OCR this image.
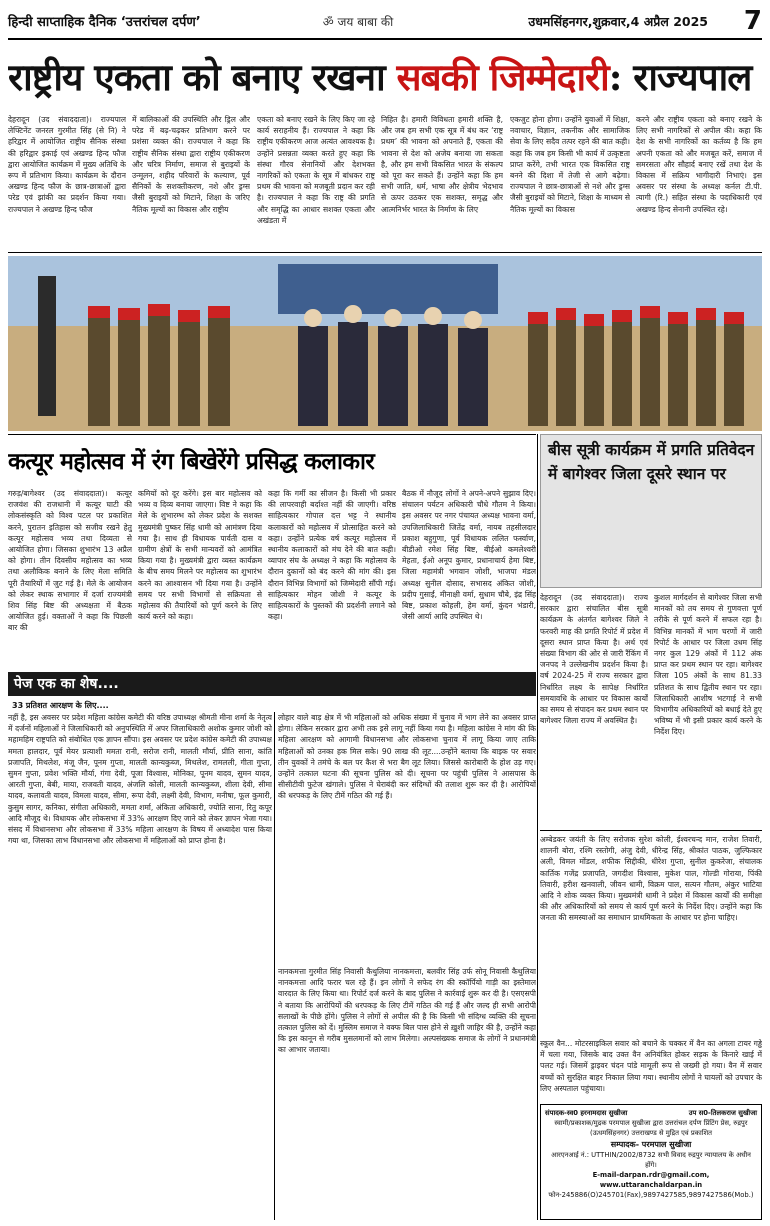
हिन्दी साप्ताहिक दैनिक ‘उत्तरांचल दर्पण’	ॐ जय बाबा की	उधमसिंहनगर,शुक्रवार,4 अप्रैल 2025	7
राष्ट्रीय एकता को बनाए रखना सबकी जिम्मेदारी: राज्यपाल
देहरादून (उद संवाददाता)। राज्यपाल लेफ्टिनेंट जनरल गुरमीत सिंह (से नि) ने हरिद्वार में आयोजित राष्ट्रीय सैनिक संस्था की हरिद्वार इकाई एवं अखण्ड हिन्द फौज द्वारा आयोजित कार्यक्रम में मुख्य अतिथि के रूप में प्रतिभाग किया। कार्यक्रम के दौरान अखण्ड हिन्द फौज के छात्र-छात्राओं द्वारा परेड एवं झांकी का प्रदर्शन किया गया। राज्यपाल ने अखण्ड हिन्द फौज
में बालिकाओं की उपस्थिति और ड्रिल और परेड में बढ़-चढ़कर प्रतिभाग करने पर प्रशंसा व्यक्त की। राज्यपाल ने कहा कि राष्ट्रीय सैनिक संस्था द्वारा राष्ट्रीय एकीकरण और चरित्र निर्माण, समाज से बुराइयों के उन्मूलन, शहीद परिवारों के कल्याण, पूर्व सैनिकों के सशक्तीकरण, नशे और ड्रग्स जैसी बुराइयों को मिटाने, शिक्षा के जरिए नैतिक मूल्यों का विकास और राष्ट्रीय
एकता को बनाए रखने के लिए किए जा रहे कार्य सराहनीय हैं। राज्यपाल ने कहा कि राष्ट्रीय एकीकरण आज अत्यंत आवश्यक है। उन्होंने प्रसन्नता व्यक्त करते हुए कहा कि संस्था गौरव सेनानियों और देशभक्त नागरिकों को एकता के सूत्र में बांधकर राष्ट्र प्रथम की भावना को मजबूती प्रदान कर रही है। राज्यपाल ने कहा कि राष्ट्र की प्रगति और समृद्धि का आधार सशक्त एकता और अखंडता में
निहित है। हमारी विविधता हमारी शक्ति है, और जब हम सभी एक सूत्र में बंध कर ‘राष्ट्र प्रथम’ की भावना को अपनाते हैं, एकता की भावना से देश को अजेय बनाया जा सकता है, और हम सभी विकसित भारत के संकल्प को पूरा कर सकते हैं। उन्होंने कहा कि हम सभी जाति, धर्म, भाषा और क्षेत्रीय भेदभाव से ऊपर उठकर एक सशक्त, समृद्ध और आत्मनिर्भर भारत के निर्माण के लिए
एकजुट होना होगा। उन्होंने युवाओं में शिक्षा, नवाचार, विज्ञान, तकनीक और सामाजिक सेवा के लिए सदैव तत्पर रहने की बात कही। कहा कि जब हम किसी भी कार्य में उत्कृष्टता प्राप्त करेंगे, तभी भारत एक विकसित राष्ट्र बनने की दिशा में तेजी से आगे बढ़ेगा। राज्यपाल ने छात्र-छात्राओं से नशे और ड्रग्स जैसी बुराइयों को मिटाने, शिक्षा के माध्यम से नैतिक मूल्यों का विकास
करने और राष्ट्रीय एकता को बनाए रखने के लिए सभी नागरिकों से अपील की। कहा कि देश के सभी नागरिकों का कर्तव्य है कि हम अपनी एकता को और मजबूत करें, समाज में समरसता और सौहार्द बनाए रखें तथा देश के विकास में सक्रिय भागीदारी निभाएं। इस अवसर पर संस्था के अध्यक्ष कर्नल टी.पी. त्यागी (रि.) सहित संस्था के पदाधिकारी एवं अखण्ड हिन्द सेनानी उपस्थित रहे।
कत्यूर महोत्सव में रंग बिखेरेंगे प्रसिद्ध कलाकार
गरुड़/बागेश्वर (उद संवाददाता)। कत्यूर राजवंश की राजधानी में कत्यूर घाटी की लोकसंस्कृति को विश्व पटल पर प्रकाशित करने, पुरातन इतिहास को सजीव रखने हेतु कत्यूर महोत्सव भव्य तथा दिव्यता से आयोजित होगा। जिसका शुभारंभ 13 अप्रैल को होगा। तीन दिवसीय महोत्सव का भव्य तथा अलौकिक बनाने के लिए मेला समिति पूरी तैयारियों में जुट गई है। मेले के आयोजन को लेकर स्थाक सभागार में दर्जा राज्यमंत्री शिव सिंह बिष्ट की अध्यक्षता में बैठक आयोजित हुई। वक्ताओं ने कहा कि पिछली बार की
कमियों को दूर करेंगे। इस बार महोत्सव को भव्य व दिव्य बनाया जाएगा। विष्ट ने कहा कि मेले के शुभारम्भ को लेकर प्रदेश के सशक्त मुख्यमंत्री पुष्कर सिंह धामी को आमंत्रण दिया गया है। साथ ही विधायक पार्वती दास व ग्रामीण क्षेत्रों के सभी मान्यवरों को आमंत्रित किया गया है। मुख्यमंत्री द्वारा व्यस्त कार्यक्रम के बीच समय मिलने पर महोत्सव का शुभारंभ करने का आश्वासन भी दिया गया है। उन्होंने समय पर सभी विभागों से सक्रियता से महोत्सव की तैयारियों को पूर्ण करने के लिए कार्य करने को कहा।
कहा कि गर्मी का सीजन है। किसी भी प्रकार की लापरवाही बर्दाश्त नहीं की जाएगी। वरिष्ठ साहित्यकार गोपाल दत्त भट्ट ने स्थानीय कलाकारों को महोत्सव में प्रोत्साहित करने को कहा। उन्होंने प्रत्येक वर्ष कत्यूर महोत्सव में स्थानीय कलाकारों को मंच देने की बात कही। व्यापार संघ के अध्यक्ष ने कहा कि महोत्सव के दौरान दुकानों को बंद करने की मांग की। इस दौरान विभिन्न विभागों को जिम्मेदारी सौंपी गई। साहित्यकार मोहन जोशी ने कत्यूर के साहित्यकारों के पुस्तकों की प्रदर्शनी लगाने को कहा।
बैठक में नौजूद लोगों ने अपने-अपने सुझाव दिए। संचालन पर्यटन अधिकारी चौधे गौतम ने किया। इस अवसर पर नगर पंचायत अध्यक्ष भावना वर्मा, उपजिलाधिकारी जितेंद्र वर्मा, नायब तहसीलदार प्रकाश बहुगुणा, पूर्व विधायक ललित फर्स्वाण, बीडीओ रमेश सिंह बिष्ट, बीईओ कमलेश्वरी मेहता, ईओ अनूप कुमार, प्रधानाचार्य हेमा बिष्ट, जिला महामंत्री भगवान जोशी, भाजपा मंडल अध्यक्ष सुनील दोसाद, सभासद अंकित जोशी, प्रदीप गुसाईं, मीनाक्षी वर्मा, सुधाम चौबे, इंद्र सिंह बिष्ट, प्रकाश कोहली, हेम वर्मा, कुंदन भंडारी, जेसी आर्या आदि उपस्थित थे।
बीस सूत्री कार्यक्रम में प्रगति प्रतिवेदन में बागेश्वर जिला दूसरे स्थान पर
देहरादून (उद संवाददाता)। राज्य सरकार द्वारा संचालित बीस सूत्री कार्यक्रम के अंतर्गत बागेश्वर जिले ने फरवरी माह की प्रगति रिपोर्ट में प्रदेश में दूसरा स्थान प्राप्त किया है। अर्थ एवं संख्या विभाग की ओर से जारी रैंकिंग में जनपद ने उल्लेखनीय प्रदर्शन किया है। वर्ष 2024-25 में राज्य सरकार द्वारा निर्धारित लक्ष्य के सापेक्ष निर्धारित समयावधि के आधार पर विकास कार्यों का समय से संपादन कर प्रथम स्थान पर बागेश्वर जिला राज्य में अवस्थित है।
कुशल मार्गदर्शन से बागेश्वर जिला सभी मानकों को तय समय से गुणवत्ता पूर्ण तरीके से पूर्ण करने में सफल रहा है। विभिन्न मानकों में भाग चरणों में जारी रिपोर्ट के आधार पर जिला उधम सिंह नगर कुल 129 अंकों में 112 अंक प्राप्त कर प्रथम स्थान पर रहा। बागेश्वर जिला 105 अंकों के साथ 81.33 प्रतिशत के साथ द्वितीय स्थान पर रहा। जिलाधिकारी आशीष भटगाई ने सभी विभागीय अधिकारियों को बधाई देते हुए भविष्य में भी इसी प्रकार कार्य करने के निर्देश दिए।
पेज एक का शेष....
33 प्रतिशत आरक्षण के लिए....
नहीं है, इस अवसर पर प्रदेश महिला कांग्रेस कमेटी की वरिष्ठ उपाध्यक्ष श्रीमती मीना शर्मा के नेतृत्व में दर्जनों महिलाओं ने जिलाधिकारी को अनुपस्थिति में अपर जिलाधिकारी अशोक कुमार जोशी को महामहिम राष्ट्रपति को संबोधित एक ज्ञापन सौंपा। इस अवसर पर प्रदेश कांग्रेस कमेटी की उपाध्यक्ष ममता हालदार, पूर्व मेयर प्रत्याशी ममता रानी, सरोज रानी, मालती मौर्या, प्रीति साना, कांति प्रजापति, मिथलेश, मंजू जैन, पूनम गुप्ता, मालती कान्यकुब्ज, मिथलेश, रामलली, गीता गुप्ता, सुमन गुप्ता, प्रवेश भक्ति मौर्या, गंगा देवी, पूजा विश्वास, मोनिका, पूनम यादव, सुमन यादव, आरती गुप्ता, बेबी, माया, राजवती यादव, अंजलि कोली, मालती कान्यकुब्ज, शीला देवी, सीमा यादव, कलावती यादव, विमला यादव, सीमा, रूपा देवी, लक्ष्मी देवी, विभाग, मनीषा, फूल कुमारी, कुसुम सागर, कनिका, संगीता अधिकारी, ममता शर्मा, अंकिता अधिकारी, ज्योति साना, रितु कपूर आदि मौजूद थे। विधायक और लोकसभा में 33% आरक्षण दिए जाने को लेकर ज्ञापन भेजा गया। संसद में विधानसभा और लोकसभा में 33% महिला आरक्षण के विषय में अध्यादेश पास किया गया था, जिसका लाभ विधानसभा और लोकसभा में महिलाओं को प्राप्त होना है।
लोहार वाले बाड़ क्षेत्र में भी महिलाओं को अधिक संख्या में चुनाव में भाग लेने का अवसर प्राप्त होगा। लेकिन सरकार द्वारा अभी तक इसे लागू नहीं किया गया है। महिला कांग्रेस ने मांग की कि महिला आरक्षण को आगामी विधानसभा और लोकसभा चुनाव में लागू किया जाए ताकि महिलाओं को उनका हक मिल सके। 90 लाख की लूट....उन्होंने बताया कि बाइक पर सवार तीन युवकों ने तमंचे के बल पर कैश से भरा बैग लूट लिया। जिससे कारोबारी के होश उड़ गए। उन्होंने तत्काल घटना की सूचना पुलिस को दी। सूचना पर पहुंची पुलिस ने आसपास के सीसीटीवी फुटेज खंगाले। पुलिस ने घेराबंदी कर संदिग्धों की तलाश शुरू कर दी है। आरोपियों की धरपकड़ के लिए टीमें गठित की गई हैं।
नानकमत्ता गुरमीत सिंह निवासी कैथुलिया नानकमत्ता, बलवीर सिंह उर्फ सोनू निवासी कैथुलिया नानकमत्ता आदि फरार चल रहे हैं। इन लोगों ने सफेद रंग की स्कॉर्पियो गाड़ी का इस्तेमाल वारदात के लिए किया था। रिपोर्ट दर्ज करने के बाद पुलिस ने कार्रवाई शुरू कर दी है। एसएसपी ने बताया कि आरोपियों की धरपकड़ के लिए टीमें गठित की गई हैं और जल्द ही सभी आरोपी सलाखों के पीछे होंगे। पुलिस ने लोगों से अपील की है कि किसी भी संदिग्ध व्यक्ति की सूचना तत्काल पुलिस को दें। मुस्लिम समाज ने वक्फ बिल पास होने से ख़ुशी जाहिर की है, उन्होंने कहा कि इस कानून से गरीब मुसलमानों को लाभ मिलेगा। अल्पसंख्यक समाज के लोगों ने प्रधानमंत्री का आभार जताया।
अम्बेडकर जयंती के लिए सरोजक सुरेश कोली, ईश्वरचन्द मान, राजेश तिवारी, शालनी बोरा, रश्मि रस्तोगी, अंजु देवी, धीरेन्द्र सिंह, श्रीकांत पाठक, जुल्फिकार अली, विमल मोंडल, शफीक सिद्दीकी, धीरेश गुप्ता, सुनील कुकरेजा, संचालक कार्तिक गजेंद्र प्रजापति, जगदीश विश्वास, मुकेश पाल, गोल्डी गोराया, पिंकी तिवारी, हरीश खनवाली, जीवन धामी, विक्रम पाल, सत्यन गौतम, अंकुर भाटिया आदि ने शोक व्यक्त किया। मुख्यमंत्री धामी ने प्रदेश में विकास कार्यों की समीक्षा की और अधिकारियों को समय से कार्य पूर्ण करने के निर्देश दिए। उन्होंने कहा कि जनता की समस्याओं का समाधान प्राथमिकता के आधार पर होना चाहिए।
स्कूल वैन... मोटरसाइकिल सवार को बचाने के चक्कर में वैन का अगला टायर गड्ढे में चला गया, जिसके बाद उक्त वैन अनियंत्रित होकर सड़क के किनारे खाई में पलट गई। जिसमें ड्राइवर चंदन पांडे मामूली रूप से जख्मी हो गया। वैन में सवार बच्चों को सुरक्षित बाहर निकाल लिया गया। स्थानीय लोगों ने घायलों को उपचार के लिए अस्पताल पहुंचाया।
संपादक-स्व0 हरनामदास सुखीजा	उप स0-तिलकराज सुखीजा
स्वामी/प्रकाशक/मुद्रक परमपाल सुखीजा द्वारा उत्तरांचल दर्पण प्रिंटिंग प्रेस, रुद्रपुर (ऊधमसिंहनगर) उत्तराखण्ड से मुद्रित एवं प्रकाशित
सम्पादक- परमपाल सुखीजा
आरएनआई नं.: UTTHIN/2002/8732 सभी विवाद रुद्रपुर न्यायालय के अधीन होंगे।
E-mail-darpan.rdr@gmail.com, www.uttaranchaldarpan.in
फोन-245886(O)245701(Fax),9897427585,9897427586(Mob.)
